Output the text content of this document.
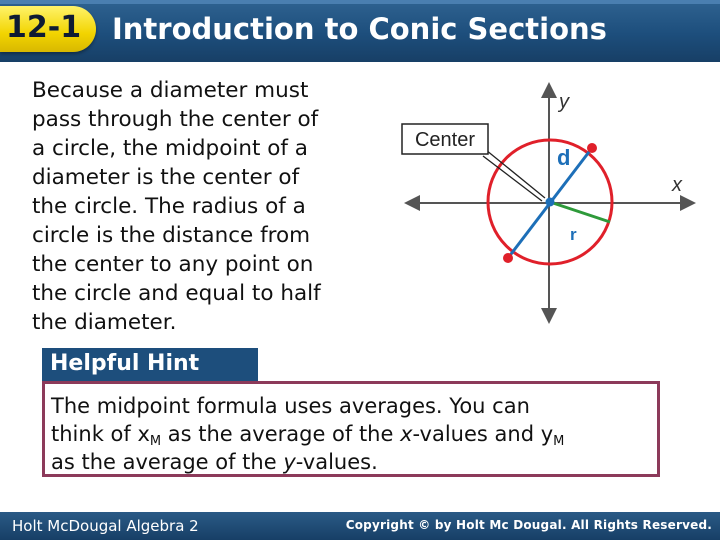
12-1 Introduction to Conic Sections
Because a diameter must
pass through the center of
a circle, the midpoint of a
diameter is the center of
the circle. The radius of a
circle is the distance from
the center to any point on
the circle and equal to half
the diameter.
Center
y
x
d
r
Helpful Hint
The midpoint formula uses averages. You can
think of $x_M$ as the average of the x-values and $y_M$
as the average of the y-values.
Holt McDougal Algebra 2	Copyright © by Holt Mc Dougal. All Rights Reserved.
